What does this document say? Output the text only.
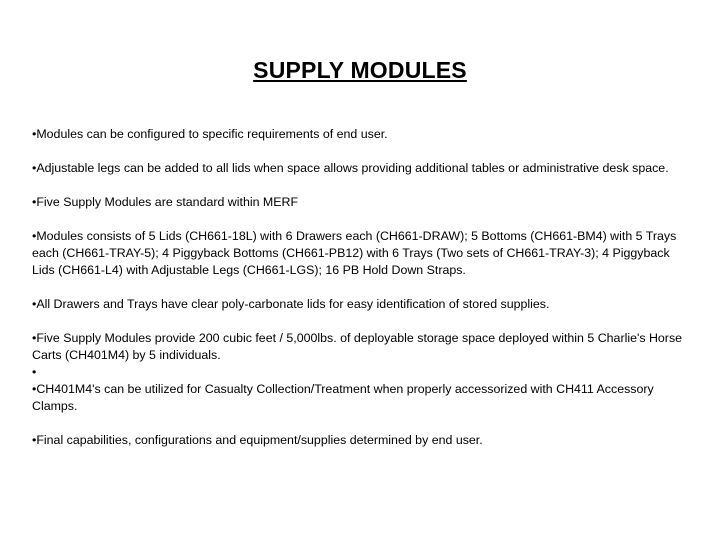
SUPPLY MODULES

•Modules can be configured to specific requirements of end user.

•Adjustable legs can be added to all lids when space allows providing additional tables or administrative desk space.

•Five Supply Modules are standard within MERF

•Modules consists of 5 Lids (CH661-18L) with 6 Drawers each (CH661-DRAW); 5 Bottoms (CH661-BM4) with 5 Trays each (CH661-TRAY-5); 4 Piggyback Bottoms (CH661-PB12) with 6 Trays (Two sets of CH661-TRAY-3); 4 Piggyback Lids (CH661-L4) with Adjustable Legs (CH661-LGS); 16 PB Hold Down Straps.

•All Drawers and Trays have clear poly-carbonate lids for easy identification of stored supplies.

•Five Supply Modules provide 200 cubic feet / 5,000lbs. of deployable storage space deployed within 5 Charlie's Horse Carts (CH401M4) by 5 individuals.

•

•CH401M4's can be utilized for Casualty Collection/Treatment when properly accessorized with CH411 Accessory Clamps.

•Final capabilities, configurations and equipment/supplies determined by end user.
